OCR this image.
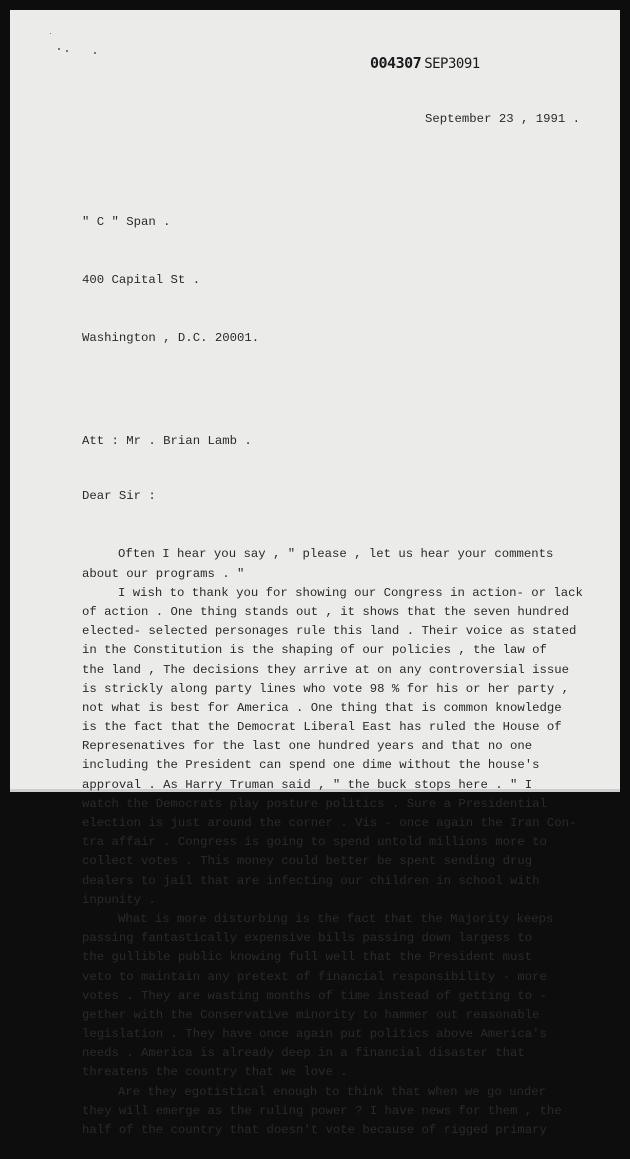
004307 SEP3091

September 23 , 1991 .

" C " Span .

400 Capital St .

Washington , D.C. 20001.

Att : Mr . Brian Lamb .

Dear Sir :

Often I hear you say , " please , let us hear your comments
about our programs . "
I wish to thank you for showing our Congress in action- or lack
of action . One thing stands out , it shows that the seven hundred
elected- selected personages rule this land . Their voice as stated
in the Constitution is the shaping of our policies , the law of
the land , The decisions they arrive at on any controversial issue
is strickly along party lines who vote 98 % for his or her party ,
not what is best for America . One thing that is common knowledge
is the fact that the Democrat Liberal East has ruled the House of
Represenatives for the last one hundred years and that no one
including the President can spend one dime without the house's
approval . As Harry Truman said , " the buck stops here . " I
watch the Democrats play posture politics . Sure a Presidential
election is just around the corner . Vis - once again the Iran Con-
tra affair . Congress is going to spend untold millions more to
collect votes . This money could better be spent sending drug
dealers to jail that are infecting our children in school with
inpunity .
What is more disturbing is the fact that the Majority keeps
passing fantastically expensive bills passing down largess to
the gullible public knowing full well that the President must
veto to maintain any pretext of financial responsibility - more
votes . They are wasting months of time instead of getting to -
gether with the Conservative minority to hammer out reasonable
legislation . They have once again put politics above America's
needs . America is already deep in a financial disaster that
threatens the country that we love .
Are they egotistical enough to think that when we go under
they will emerge as the ruling power ? I have news for them , the
half of the country that doesn't vote because of rigged primary
